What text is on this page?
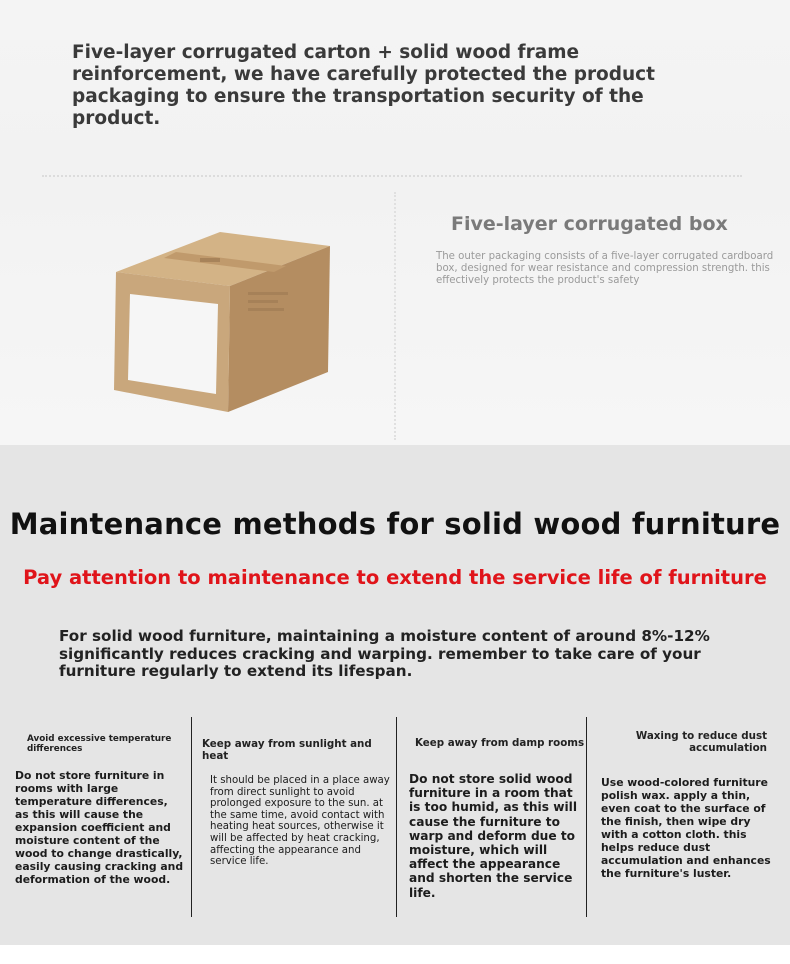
Five-layer corrugated carton + solid wood frame reinforcement, we have carefully protected the product packaging to ensure the transportation security of the product.

Five-layer corrugated box

The outer packaging consists of a five-layer corrugated cardboard box, designed for wear resistance and compression strength. this effectively protects the product's safety

Maintenance methods for solid wood furniture
Pay attention to maintenance to extend the service life of furniture

For solid wood furniture, maintaining a moisture content of around 8%-12% significantly reduces cracking and warping. remember to take care of your furniture regularly to extend its lifespan.

Avoid excessive temperature differences

Do not store furniture in rooms with large temperature differences, as this will cause the expansion coefficient and moisture content of the wood to change drastically, easily causing cracking and deformation of the wood.

Keep away from sunlight and heat

It should be placed in a place away from direct sunlight to avoid prolonged exposure to the sun. at the same time, avoid contact with heating heat sources, otherwise it will be affected by heat cracking, affecting the appearance and service life.

Keep away from damp rooms

Do not store solid wood furniture in a room that is too humid, as this will cause the furniture to warp and deform due to moisture, which will affect the appearance and shorten the service life.

Waxing to reduce dust accumulation

Use wood-colored furniture polish wax. apply a thin, even coat to the surface of the finish, then wipe dry with a cotton cloth. this helps reduce dust accumulation and enhances the furniture's luster.
